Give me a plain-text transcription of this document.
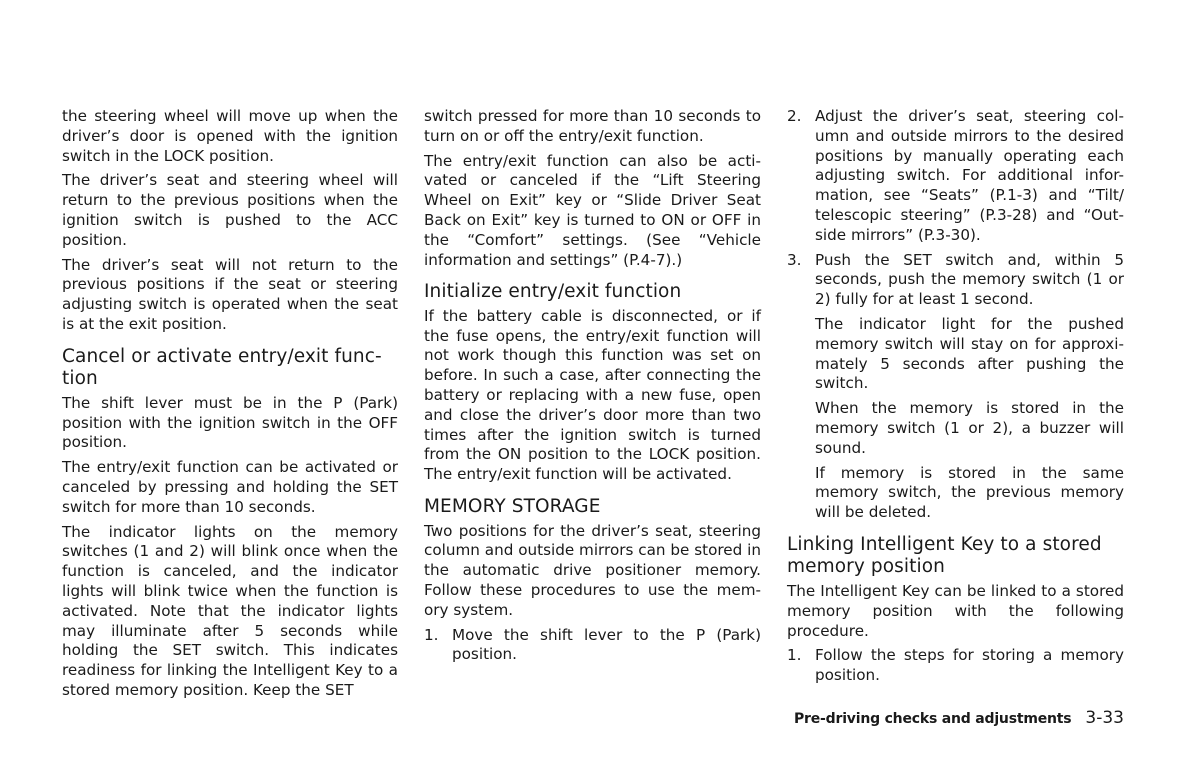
the steering wheel will move up when the driver’s door is opened with the ignition switch in the LOCK position.

The driver’s seat and steering wheel will return to the previous positions when the ignition switch is pushed to the ACC position.

The driver’s seat will not return to the previous positions if the seat or steering adjusting switch is operated when the seat is at the exit position.

Cancel or activate entry/exit func-tion

The shift lever must be in the P (Park) position with the ignition switch in the OFF position.

The entry/exit function can be activated or canceled by pressing and holding the SET switch for more than 10 seconds.

The indicator lights on the memory switches (1 and 2) will blink once when the function is canceled, and the indicator lights will blink twice when the function is activated. Note that the indicator lights may illuminate after 5 seconds while holding the SET switch. This indicates readiness for linking the Intelligent Key to a stored memory position. Keep the SET

switch pressed for more than 10 seconds to turn on or off the entry/exit function.

The entry/exit function can also be acti-vated or canceled if the “Lift Steering Wheel on Exit” key or “Slide Driver Seat Back on Exit” key is turned to ON or OFF in the “Comfort” settings. (See “Vehicle information and settings” (P.4-7).)

Initialize entry/exit function

If the battery cable is disconnected, or if the fuse opens, the entry/exit function will not work though this function was set on before. In such a case, after connecting the battery or replacing with a new fuse, open and close the driver’s door more than two times after the ignition switch is turned from the ON position to the LOCK position. The entry/exit function will be activated.

MEMORY STORAGE

Two positions for the driver’s seat, steering column and outside mirrors can be stored in the automatic drive positioner memory. Follow these procedures to use the mem-ory system.

1. Move the shift lever to the P (Park) position.
2. Adjust the driver’s seat, steering col-umn and outside mirrors to the desired positions by manually operating each adjusting switch. For additional infor-mation, see “Seats” (P.1-3) and “Tilt/ telescopic steering” (P.3-28) and “Out-side mirrors” (P.3-30).
3. Push the SET switch and, within 5 seconds, push the memory switch (1 or 2) fully for at least 1 second.

The indicator light for the pushed memory switch will stay on for approxi-mately 5 seconds after pushing the switch.

When the memory is stored in the memory switch (1 or 2), a buzzer will sound.

If memory is stored in the same memory switch, the previous memory will be deleted.

Linking Intelligent Key to a stored memory position

The Intelligent Key can be linked to a stored memory position with the following procedure.

1. Follow the steps for storing a memory position.
Pre-driving checks and adjustments 3-33
